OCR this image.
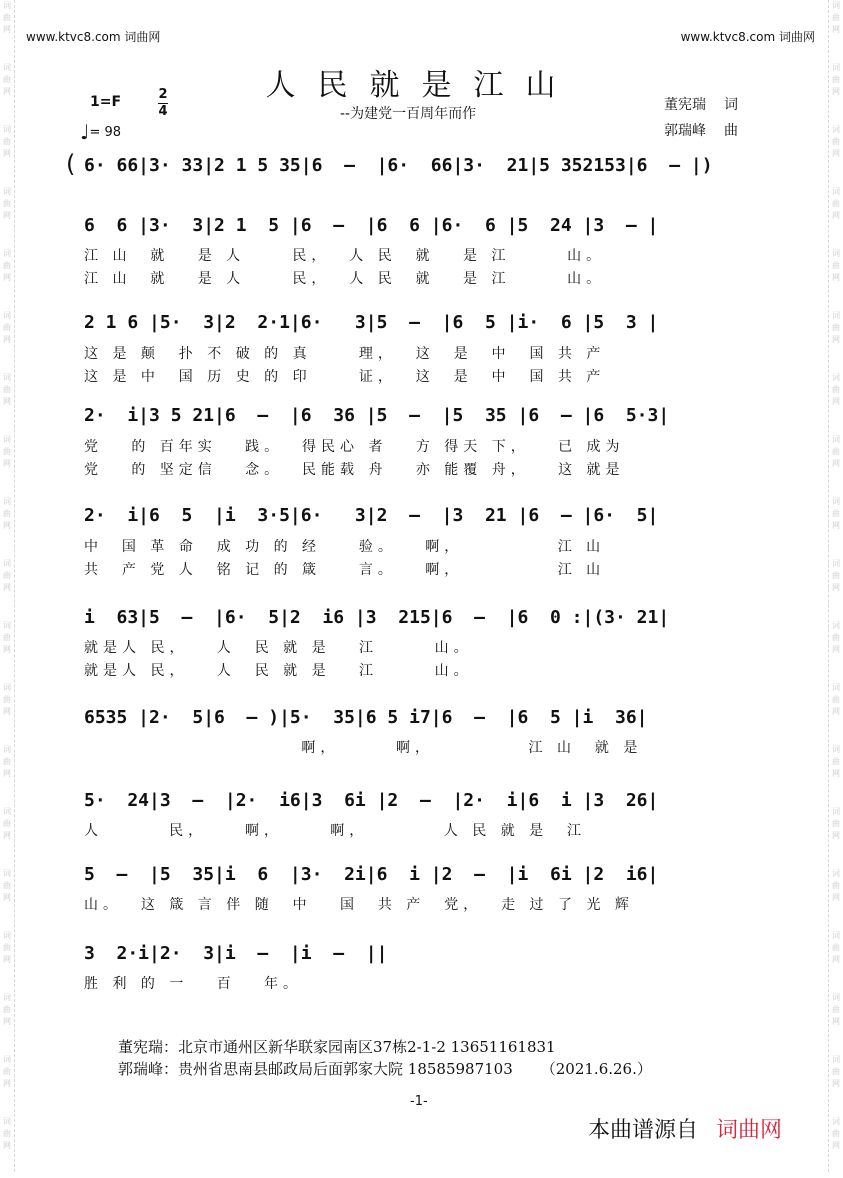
www.ktvc8.com 词曲网	www.ktvc8.com 词曲网
词曲网
词曲网
词曲网
词曲网
词曲网
词曲网
词曲网
词曲网
词曲网
词曲网
词曲网
词曲网
词曲网
词曲网
词曲网
词曲网
词曲网
词曲网
词曲网
词曲网
词曲网
词曲网
词曲网
词曲网
词曲网
词曲网
词曲网
词曲网
词曲网
词曲网
词曲网
词曲网
词曲网
词曲网
词曲网
词曲网
词曲网
词曲网
人民就是江山
--为建党一百周年而作
1=F	2
4
♩= 98
董宪瑞 词
郭瑞峰 曲
( 6· 66|3· 33|2 1 5 35|6  –  |6·  66|3·  21|5 352153|6  – |)
6  6 |3·  3|2 1  5 |6  –  |6  6 |6·  6 |5  24 |3  – |
2 1 6 |5·  3|2  2·1|6·   3|5  –  |6  5 |i·  6 |5  3 |
2·  i|3 5 21|6  –  |6  36 |5  –  |5  35 |6  – |6  5·3|
2·  i|6  5  |i  3·5|6·   3|2  –  |3  21 |6  – |6·  5|
i  63|5  –  |6·  5|2  i6 |3  215|6  –  |6  0 :|(3· 21|
6535 |2·  5|6  – )|5·  35|6 5 i7|6  –  |6  5 |i  36|
5·  24|3  –  |2·  i6|3  6i |2  –  |2·  i|6  i |3  26|
5  –  |5  35|i  6  |3·  2i|6  i |2  –  |i  6i |2  i6|
3  2·i|2·  3|i  –  |i  –  ||
江 山  就   是 人     民，  人 民  就   是 江      山。
江 山  就   是 人     民，  人 民  就   是 江      山。
这 是 颠  扑 不 破 的 真     理，  这  是  中  国 共 产
这 是 中  国 历 史 的 印     证，  这  是  中  国 共 产
党   的 百年实   践。  得民心 者   方 得天 下，   已 成为
党   的 坚定信   念。  民能载 舟   亦 能覆 舟，   这 就是
中  国 革 命  成 功 的 经    验。   啊，          江 山
共  产 党 人  铭 记 的 箴    言。   啊，          江 山
就是人 民，   人  民 就 是   江      山。
就是人 民，   人  民 就 是   江      山。
啊，      啊，          江 山  就 是
人       民，    啊，     啊，        人 民 就 是  江
山。  这 箴 言 伴 随  中   国  共 产  党，  走 过 了 光 辉
胜 利 的 一   百   年。
董宪瑞：北京市通州区新华联家园南区37栋2-1-2 13651161831
郭瑞峰：贵州省思南县邮政局后面郭家大院 18585987103 （2021.6.26.）
-1-
本曲谱源自 词曲网
